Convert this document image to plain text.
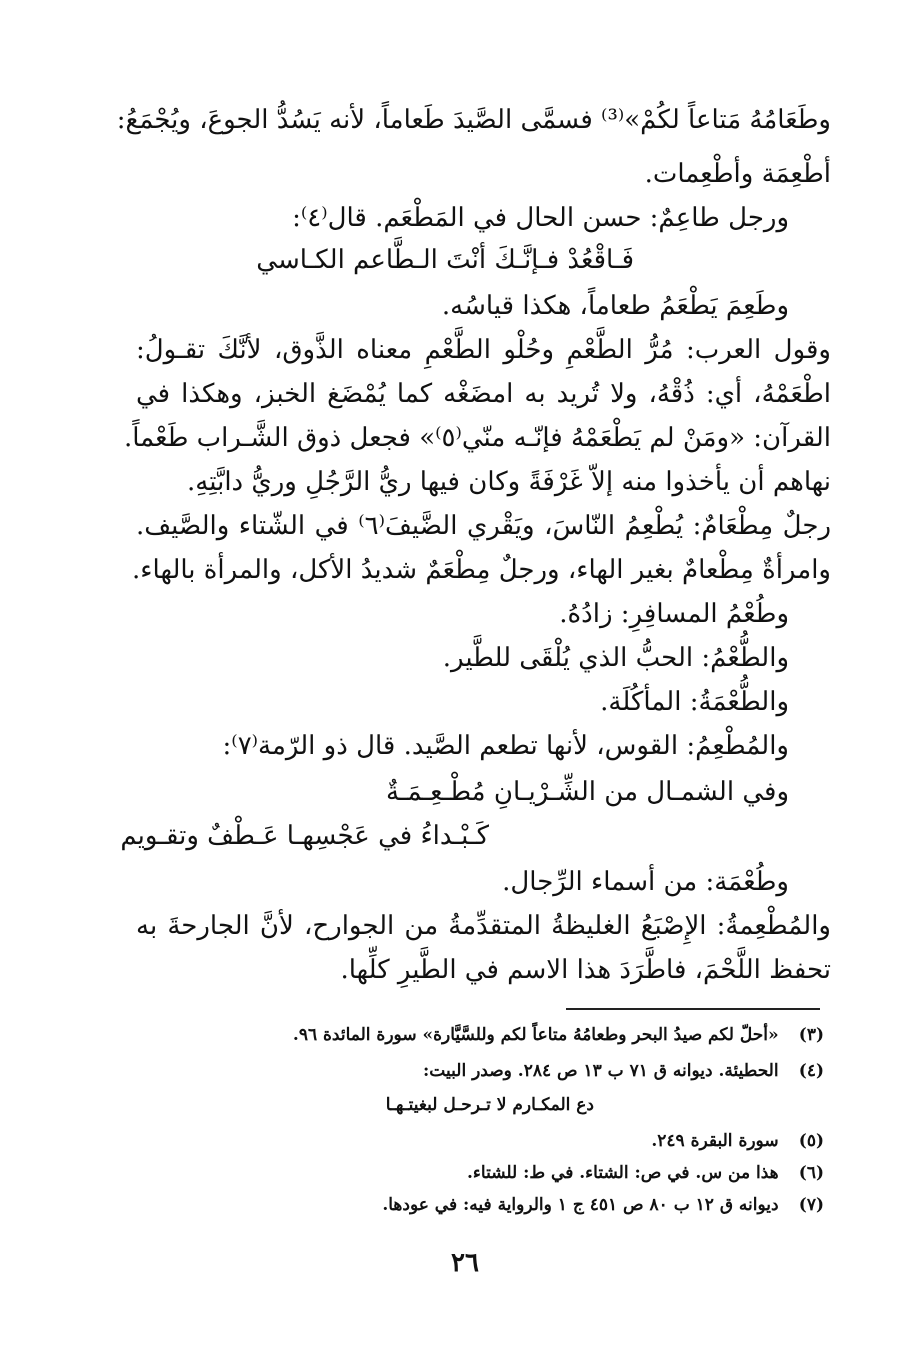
وطَعَامُهُ مَتاعاً لكُمْ»⁽³⁾ فسمَّى الصَّيدَ طَعاماً، لأنه يَسُدُّ الجوعَ، ويُجْمَعُ:
أطْعِمَة وأطْعِمات.
ورجل طاعِمٌ: حسن الحال في المَطْعَم. قال⁽٤⁾:
فَـاقْعُدْ فـإنَّـكَ أنْتَ الـطَّاعم الكـاسي
وطَعِمَ يَطْعَمُ طعاماً، هكذا قياسُه.
وقول العرب: مُرُّ الطَّعْمِ وحُلْو الطَّعْمِ معناه الذَّوق، لأنَّكَ تقـولُ:
اطْعَمْهُ، أي: ذُقْهُ، ولا تُريد به امضَغْه كما يُمْضَغ الخبز، وهكذا في
القرآن: «ومَنْ لم يَطْعَمْهُ فإنّـه منّي⁽٥⁾» فجعل ذوق الشَّـراب طَعْماً.
نهاهم أن يأخذوا منه إلاّ غَرْفَةً وكان فيها ريُّ الرَّجُلِ وريُّ دابَّتِهِ.
رجلٌ مِطْعَامٌ: يُطْعِمُ النّاسَ، ويَقْري الضَّيفَ⁽٦⁾ في الشّتاء والصَّيف.
وامرأةٌ مِطْعامٌ بغير الهاء، ورجلٌ مِطْعَمٌ شديدُ الأكل، والمرأة بالهاء.
وطُعْمُ المسافِرِ: زادُهُ.
والطُّعْمُ: الحبُّ الذي يُلْقَى للطَّير.
والطُّعْمَةُ: المأكُلَة.
والمُطْعِمُ: القوس، لأنها تطعم الصَّيد. قال ذو الرّمة⁽٧⁾:
وفي الشمـال من الشِّـرْيـانِ مُطْـعِـمَـةٌ
كَـبْـداءُ في عَجْسِهـا عَـطْفٌ وتقـويم
وطُعْمَة: من أسماء الرِّجال.
والمُطْعِمةُ: الإِصْبَعُ الغليظةُ المتقدِّمةُ من الجوارح، لأنَّ الجارحةَ به
تحفظ اللَّحْمَ، فاطَّرَدَ هذا الاسم في الطَّيرِ كلِّها.
(٣) «أحلّ لكم صيدُ البحر وطعامُهُ متاعاً لكم وللسَّيَّارة» سورة المائدة ٩٦.
(٤) الحطيئة. ديوانه ق ٧١ ب ١٣ ص ٢٨٤. وصدر البيت:
دع المكـارم لا تـرحـل لبغيتـهـا
(٥) سورة البقرة ٢٤٩.
(٦) هذا من س. في ص: الشتاء. في ط: للشتاء.
(٧) ديوانه ق ١٢ ب ٨٠ ص ٤٥١ ج ١ والرواية فيه: في عودها.
٢٦
